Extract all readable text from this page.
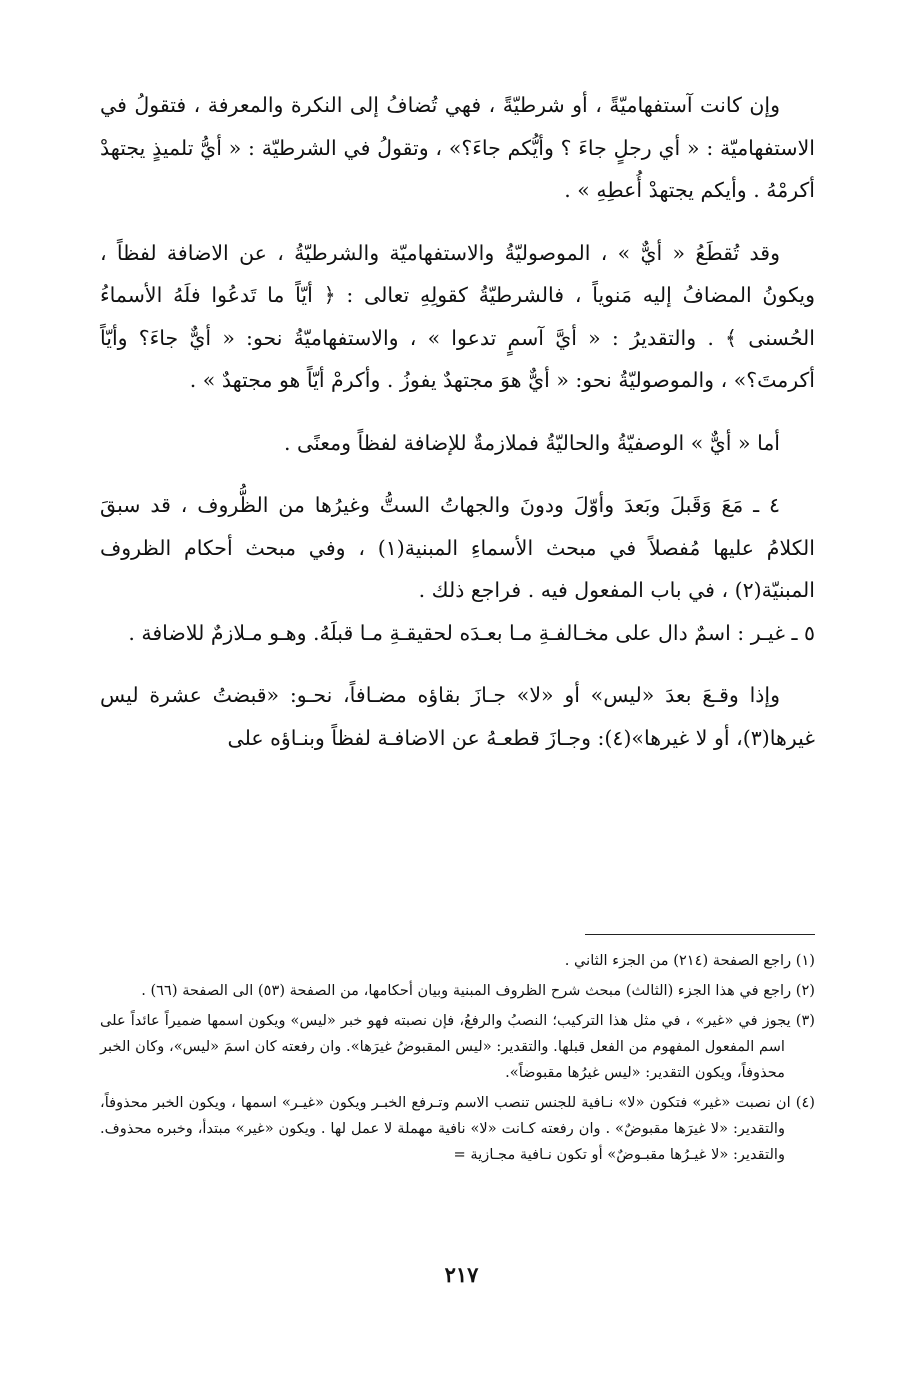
وإن كانت آستفهاميّةً ، أو شرطيّةً ، فهي تُضافُ إلى النكرة والمعرفة ، فتقولُ في الاستفهاميّة : « أي رجلٍ جاءَ ؟ وأيُّكم جاءَ؟» ، وتقولُ في الشرطيّة : « أيُّ تلميذٍ يجتهدْ أكرمْهُ . وأيكم يجتهدْ أُعطِهِ » .

وقد تُقطَعُ « أيٌّ » ، الموصوليّةُ والاستفهاميّة والشرطيّةُ ، عن الاضافة لفظاً ، ويكونُ المضافُ إليه مَنوياً ، فالشرطيّةُ كقولِهِ تعالى : ﴿ أيّاً ما تَدعُوا فلَهُ الأسماءُ الحُسنى ﴾ . والتقديرُ : « أيَّ آسمٍ تدعوا » ، والاستفهاميّةُ نحو: « أيٌّ جاءَ؟ وأيّاً أكرمتَ؟» ، والموصوليّةُ نحو: « أيٌّ هوَ مجتهدٌ يفوزُ . وأكرمْ أيّاً هو مجتهدٌ » .

أما « أيٌّ » الوصفيّةُ والحاليّةُ فملازمةٌ للإضافة لفظاً ومعنًى .

٤ ـ مَعَ وَقَبلَ وبَعدَ وأوّلَ ودونَ والجهاتُ الستُّ وغيرُها من الظُّروف ، قد سبقَ الكلامُ عليها مُفصلاً في مبحث الأسماءِ المبنية(١) ، وفي مبحث أحكام الظروف المبنيّة(٢) ، في باب المفعول فيه . فراجع ذلك .

٥ ـ غيـر : اسمٌ دال على مخـالفـةِ مـا بعـدَه لحقيقـةِ مـا قبلَهُ. وهـو مـلازمٌ للاضافة .

وإذا وقـعَ بعدَ «ليس» أو «لا» جـازَ بقاؤه مضـافاً، نحـو: «قبضتُ عشرة ليس غيرها(٣)، أو لا غيرها»(٤): وجـازَ قطعـهُ عن الاضافـة لفظاً وبنـاؤه على

(١) راجع الصفحة (٢١٤) من الجزء الثاني .

(٢) راجع في هذا الجزء (الثالث) مبحث شرح الظروف المبنية وبيان أحكامها، من الصفحة (٥٣) الى الصفحة (٦٦) .

(٣) يجوز في «غير» ، في مثل هذا التركيب؛ النصبُ والرفعُ، فإن نصبته فهو خبر «ليس» ويكون اسمها ضميراً عائداً على اسم المفعول المفهوم من الفعل قبلها. والتقدير: «ليس المقبوضُ غيرَها». وان رفعته كان اسمَ «ليس»، وكان الخبر محذوفاً، ويكون التقدير: «ليس غيرُها مقبوضاً».

(٤) ان نصبت «غير» فتكون «لا» نـافية للجنس تنصب الاسم وتـرفع الخبـر ويكون «غيـر» اسمها ، ويكون الخبر محذوفاً، والتقدير: «لا غيرَها مقبوضٌ» . وان رفعته كـانت «لا» نافية مهملة لا عمل لها . ويكون «غير» مبتدأ، وخبره محذوف. والتقدير: «لا غيـرُها مقبـوضٌ» أو تكون نـافية مجـازية =

٢١٧
